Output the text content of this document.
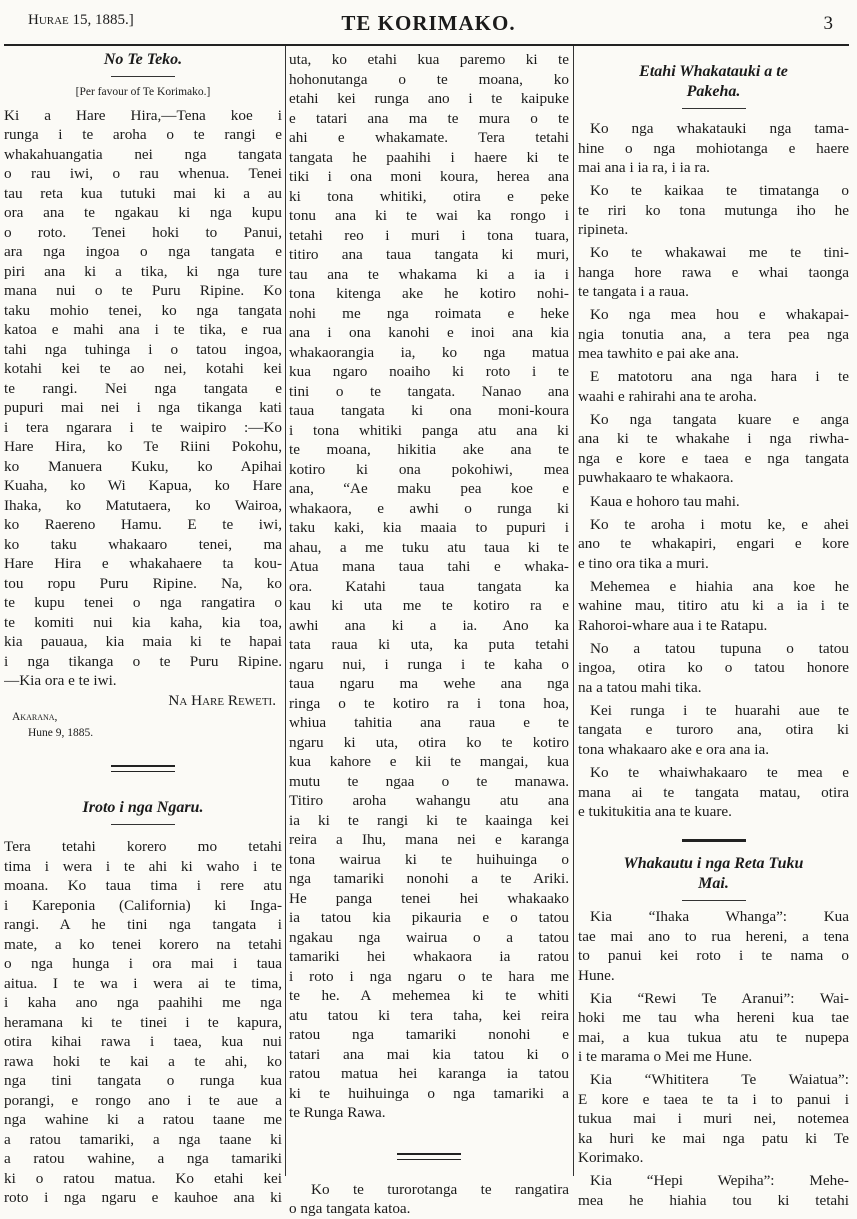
Hurae 15, 1885.]	TE KORIMAKO.	3
No Te Teko.
[Per favour of Te Korimako.]
Ki a Hare Hira,—Tena koe i
runga i te aroha o te rangi e
whakahuangatia nei nga tangata
o rau iwi, o rau whenua. Tenei
tau reta kua tutuki mai ki a au
ora ana te ngakau ki nga kupu
o roto. Tenei hoki to Panui,
ara nga ingoa o nga tangata e
piri ana ki a tika, ki nga ture
mana nui o te Puru Ripine. Ko
taku mohio tenei, ko nga tangata
katoa e mahi ana i te tika, e rua
tahi nga tuhinga i o tatou ingoa,
kotahi kei te ao nei, kotahi kei
te rangi. Nei nga tangata e
pupuri mai nei i nga tikanga kati
i tera ngarara i te waipiro :—Ko
Hare Hira, ko Te Riini Pokohu,
ko Manuera Kuku, ko Apihai
Kuaha, ko Wi Kapua, ko Hare
Ihaka, ko Matutaera, ko Wairoa,
ko Raereno Hamu. E te iwi,
ko taku whakaaro tenei, ma
Hare Hira e whakahaere ta kou-
tou ropu Puru Ripine. Na, ko
te kupu tenei o nga rangatira o
te komiti nui kia kaha, kia toa,
kia pauaua, kia maia ki te hapai
i nga tikanga o te Puru Ripine.
—Kia ora e te iwi.
Na Hare Reweti.
Akarana,
Hune 9, 1885.
Iroto i nga Ngaru.
Tera tetahi korero mo tetahi
tima i wera i te ahi ki waho i te
moana. Ko taua tima i rere atu
i Kareponia (California) ki Inga-
rangi. A he tini nga tangata i
mate, a ko tenei korero na tetahi
o nga hunga i ora mai i taua
aitua. I te wa i wera ai te tima,
i kaha ano nga paahihi me nga
heramana ki te tinei i te kapura,
otira kihai rawa i taea, kua nui
rawa hoki te kai a te ahi, ko
nga tini tangata o runga kua
porangi, e rongo ano i te aue a
nga wahine ki a ratou taane me
a ratou tamariki, a nga taane ki
a ratou wahine, a nga tamariki
ki o ratou matua. Ko etahi kei
roto i nga ngaru e kauhoe ana ki
uta, ko etahi kua paremo ki te
hohonutanga o te moana, ko
etahi kei runga ano i te kaipuke
e tatari ana ma te mura o te
ahi e whakamate. Tera tetahi
tangata he paahihi i haere ki te
tiki i ona moni koura, herea ana
ki tona whitiki, otira e peke
tonu ana ki te wai ka rongo i
tetahi reo i muri i tona tuara,
titiro ana taua tangata ki muri,
tau ana te whakama ki a ia i
tona kitenga ake he kotiro nohi-
nohi me nga roimata e heke
ana i ona kanohi e inoi ana kia
whakaorangia ia, ko nga matua
kua ngaro noaiho ki roto i te
tini o te tangata. Nanao ana
taua tangata ki ona moni-koura
i tona whitiki panga atu ana ki
te moana, hikitia ake ana te
kotiro ki ona pokohiwi, mea
ana, “Ae maku pea koe e
whakaora, e awhi o runga ki
taku kaki, kia maaia to pupuri i
ahau, a me tuku atu taua ki te
Atua mana taua tahi e whaka-
ora. Katahi taua tangata ka
kau ki uta me te kotiro ra e
awhi ana ki a ia. Ano ka
tata raua ki uta, ka puta tetahi
ngaru nui, i runga i te kaha o
taua ngaru ma wehe ana nga
ringa o te kotiro ra i tona hoa,
whiua tahitia ana raua e te
ngaru ki uta, otira ko te kotiro
kua kahore e kii te mangai, kua
mutu te ngaa o te manawa.
Titiro aroha wahangu atu ana
ia ki te rangi ki te kaainga kei
reira a Ihu, mana nei e karanga
tona wairua ki te huihuinga o
nga tamariki nonohi a te Ariki.
He panga tenei hei whakaako
ia tatou kia pikauria e o tatou
ngakau nga wairua o a tatou
tamariki hei whakaora ia ratou
i roto i nga ngaru o te hara me
te he. A mehemea ki te whiti
atu tatou ki tera taha, kei reira
ratou nga tamariki nonohi e
tatari ana mai kia tatou ki o
ratou matua hei karanga ia tatou
ki te huihuinga o nga tamariki a
te Runga Rawa.
Ko te turorotanga te rangatira
o nga tangata katoa.
Etahi Whakatauki a te
Pakeha.
Ko nga whakatauki nga tama-
hine o nga mohiotanga e haere
mai ana i ia ra, i ia ra.
Ko te kaikaa te timatanga o
te riri ko tona mutunga iho he
ripineta.
Ko te whakawai me te tini-
hanga hore rawa e whai taonga
te tangata i a raua.
Ko nga mea hou e whakapai-
ngia tonutia ana, a tera pea nga
mea tawhito e pai ake ana.
E matotoru ana nga hara i te
waahi e rahirahi ana te aroha.
Ko nga tangata kuare e anga
ana ki te whakahe i nga riwha-
nga e kore e taea e nga tangata
puwhakaaro te whakaora.
Kaua e hohoro tau mahi.
Ko te aroha i motu ke, e ahei
ano te whakapiri, engari e kore
e tino ora tika a muri.
Mehemea e hiahia ana koe he
wahine mau, titiro atu ki a ia i te
Rahoroi-whare aua i te Ratapu.
No a tatou tupuna o tatou
ingoa, otira ko o tatou honore
na a tatou mahi tika.
Kei runga i te huarahi aue te
tangata e turoro ana, otira ki
tona whakaaro ake e ora ana ia.
Ko te whaiwhakaaro te mea e
mana ai te tangata matau, otira
e tukitukitia ana te kuare.
Whakautu i nga Reta Tuku
Mai.
Kia “Ihaka Whanga”: Kua
tae mai ano to rua hereni, a tena
to panui kei roto i te nama o
Hune.
Kia “Rewi Te Aranui”: Wai-
hoki me tau wha hereni kua tae
mai, a kua tukua atu te nupepa
i te marama o Mei me Hune.
Kia “Whititera Te Waiatua”:
E kore e taea te ta i to panui i
tukua mai i muri nei, notemea
ka huri ke mai nga patu ki Te
Korimako.
Kia “Hepi Wepiha”: Mehe-
mea he hiahia tou ki tetahi
